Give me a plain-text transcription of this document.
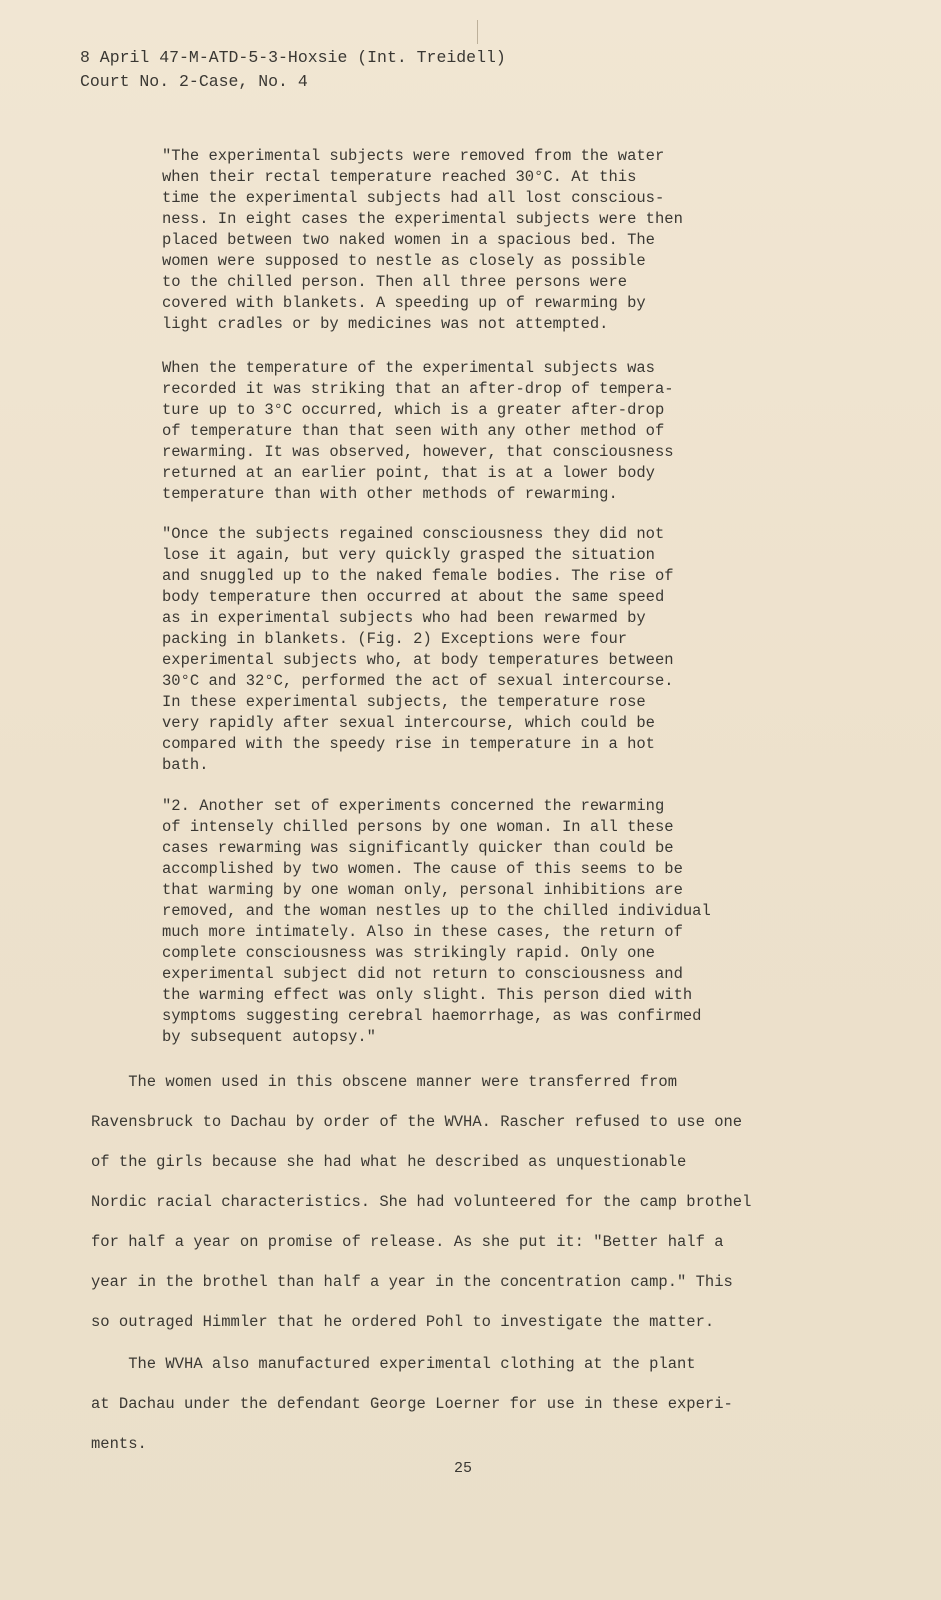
8 April 47-M-ATD-5-3-Hoxsie (Int. Treidell)
Court No. 2-Case, No. 4
"The experimental subjects were removed from the water
when their rectal temperature reached 30°C. At this
time the experimental subjects had all lost conscious-
ness. In eight cases the experimental subjects were then
placed between two naked women in a spacious bed. The
women were supposed to nestle as closely as possible
to the chilled person. Then all three persons were
covered with blankets. A speeding up of rewarming by
light cradles or by medicines was not attempted.
When the temperature of the experimental subjects was
recorded it was striking that an after-drop of tempera-
ture up to 3°C occurred, which is a greater after-drop
of temperature than that seen with any other method of
rewarming. It was observed, however, that consciousness
returned at an earlier point, that is at a lower body
temperature than with other methods of rewarming.
"Once the subjects regained consciousness they did not
lose it again, but very quickly grasped the situation
and snuggled up to the naked female bodies. The rise of
body temperature then occurred at about the same speed
as in experimental subjects who had been rewarmed by
packing in blankets. (Fig. 2) Exceptions were four
experimental subjects who, at body temperatures between
30°C and 32°C, performed the act of sexual intercourse.
In these experimental subjects, the temperature rose
very rapidly after sexual intercourse, which could be
compared with the speedy rise in temperature in a hot
bath.
"2. Another set of experiments concerned the rewarming
of intensely chilled persons by one woman. In all these
cases rewarming was significantly quicker than could be
accomplished by two women. The cause of this seems to be
that warming by one woman only, personal inhibitions are
removed, and the woman nestles up to the chilled individual
much more intimately. Also in these cases, the return of
complete consciousness was strikingly rapid. Only one
experimental subject did not return to consciousness and
the warming effect was only slight. This person died with
symptoms suggesting cerebral haemorrhage, as was confirmed
by subsequent autopsy."
The women used in this obscene manner were transferred from
Ravensbruck to Dachau by order of the WVHA. Rascher refused to use one
of the girls because she had what he described as unquestionable
Nordic racial characteristics. She had volunteered for the camp brothel
for half a year on promise of release. As she put it: "Better half a
year in the brothel than half a year in the concentration camp." This
so outraged Himmler that he ordered Pohl to investigate the matter.
The WVHA also manufactured experimental clothing at the plant
at Dachau under the defendant George Loerner for use in these experi-
ments.
25
